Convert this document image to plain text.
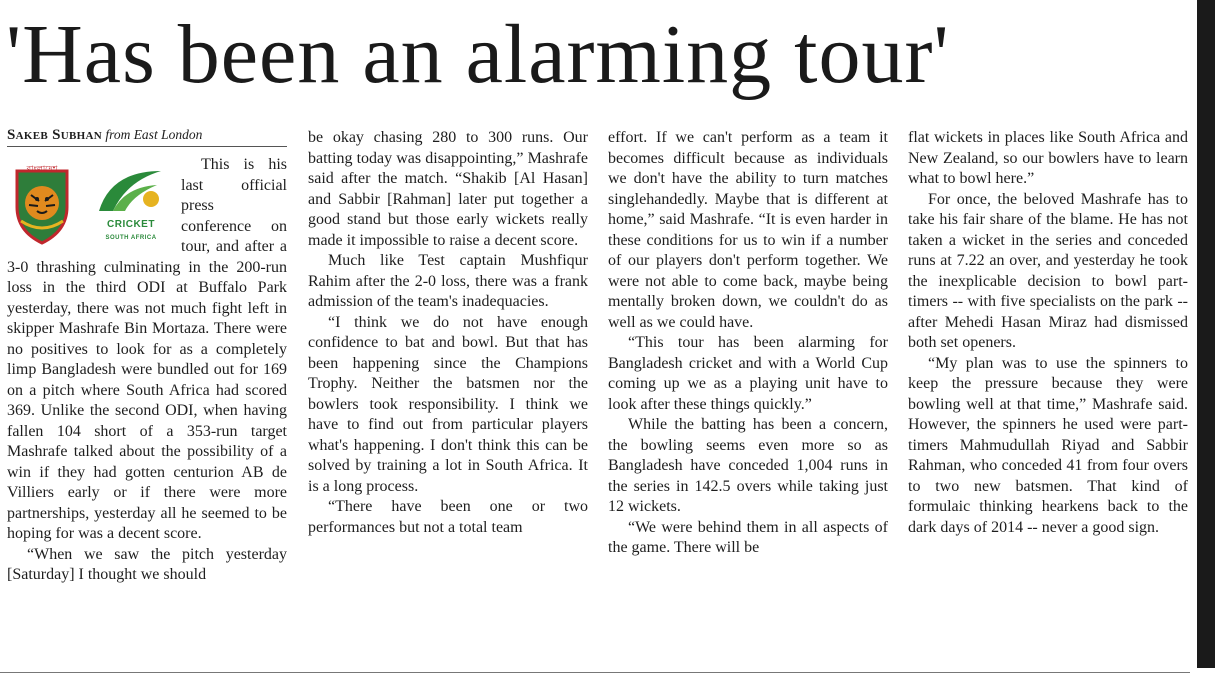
'Has been an alarming tour'
Sakeb Subhan from East London
বাংলাদেশ
CRICKET
SOUTH AFRICA

This is his last official press conference on tour, and after a 3-0 thrashing culminating in the 200-run loss in the third ODI at Buffalo Park yesterday, there was not much fight left in skipper Mashrafe Bin Mortaza. There were no positives to look for as a completely limp Bangladesh were bundled out for 169 on a pitch where South Africa had scored 369. Unlike the second ODI, when having fallen 104 short of a 353-run target Mashrafe talked about the possibility of a win if they had gotten centurion AB de Villiers early or if there were more partnerships, yesterday all he seemed to be hoping for was a decent score.

“When we saw the pitch yesterday [Saturday] I thought we should

be okay chasing 280 to 300 runs. Our batting today was disappointing,” Mashrafe said after the match. “Shakib [Al Hasan] and Sabbir [Rahman] later put together a good stand but those early wickets really made it impossible to raise a decent score.

Much like Test captain Mushfiqur Rahim after the 2-0 loss, there was a frank admission of the team's inadequacies.

“I think we do not have enough confidence to bat and bowl. But that has been happening since the Champions Trophy. Neither the batsmen nor the bowlers took responsibility. I think we have to find out from particular players what's happening. I don't think this can be solved by training a lot in South Africa. It is a long process.

“There have been one or two performances but not a total team

effort. If we can't perform as a team it becomes difficult because as individuals we don't have the ability to turn matches singlehandedly. Maybe that is different at home,” said Mashrafe. “It is even harder in these conditions for us to win if a number of our players don't perform together. We were not able to come back, maybe being mentally broken down, we couldn't do as well as we could have.

“This tour has been alarming for Bangladesh cricket and with a World Cup coming up we as a playing unit have to look after these things quickly.”

While the batting has been a concern, the bowling seems even more so as Bangladesh have conceded 1,004 runs in the series in 142.5 overs while taking just 12 wickets.

“We were behind them in all aspects of the game. There will be

flat wickets in places like South Africa and New Zealand, so our bowlers have to learn what to bowl here.”

For once, the beloved Mashrafe has to take his fair share of the blame. He has not taken a wicket in the series and conceded runs at 7.22 an over, and yesterday he took the inexplicable decision to bowl part-timers -- with five specialists on the park -- after Mehedi Hasan Miraz had dismissed both set openers.

“My plan was to use the spinners to keep the pressure because they were bowling well at that time,” Mashrafe said. However, the spinners he used were part-timers Mahmudullah Riyad and Sabbir Rahman, who conceded 41 from four overs to two new batsmen. That kind of formulaic thinking hearkens back to the dark days of 2014 -- never a good sign.
